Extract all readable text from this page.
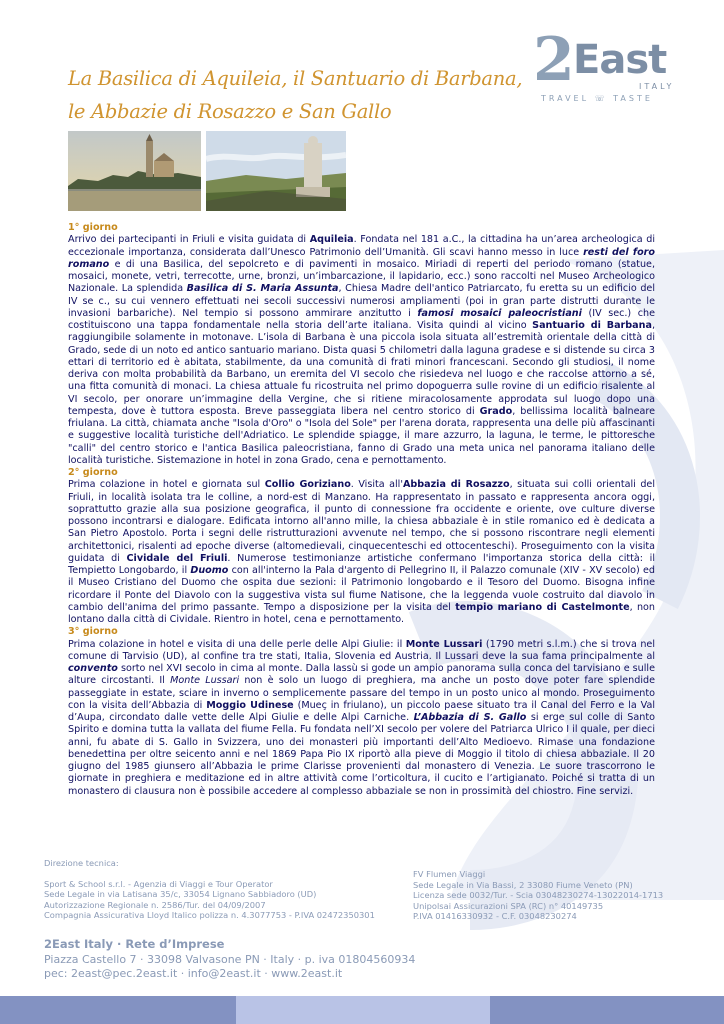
2
East
ITALY
TRAVEL ☏ TASTE
La Basilica di Aquileia, il Santuario di Barbana,
le Abbazie di Rosazzo e San Gallo
1° giorno

Arrivo dei partecipanti in Friuli e visita guidata di Aquileia. Fondata nel 181 a.C., la cittadina ha un’area archeologica di eccezionale importanza, considerata dall’Unesco Patrimonio dell’Umanità. Gli scavi hanno messo in luce resti del foro romano e di una Basilica, del sepolcreto e di pavimenti in mosaico. Miriadi di reperti del periodo romano (statue, mosaici, monete, vetri, terrecotte, urne, bronzi, un’imbarcazione, il lapidario, ecc.) sono raccolti nel Museo Archeologico Nazionale. La splendida Basilica di S. Maria Assunta, Chiesa Madre dell'antico Patriarcato, fu eretta su un edificio del IV se c., su cui vennero effettuati nei secoli successivi numerosi ampliamenti (poi in gran parte distrutti durante le invasioni barbariche). Nel tempio si possono ammirare anzitutto i famosi mosaici paleocristiani (IV sec.) che costituiscono una tappa fondamentale nella storia dell’arte italiana. Visita quindi al vicino Santuario di Barbana, raggiungibile solamente in motonave. L’isola di Barbana è una piccola isola situata all’estremità orientale della città di Grado, sede di un noto ed antico santuario mariano. Dista quasi 5 chilometri dalla laguna gradese e si distende su circa 3 ettari di territorio ed è abitata, stabilmente, da una comunità di frati minori francescani. Secondo gli studiosi, il nome deriva con molta probabilità da Barbano, un eremita del VI secolo che risiedeva nel luogo e che raccolse attorno a sé, una fitta comunità di monaci. La chiesa attuale fu ricostruita nel primo dopoguerra sulle rovine di un edificio risalente al VI secolo, per onorare un’immagine della Vergine, che si ritiene miracolosamente approdata sul luogo dopo una tempesta, dove è tuttora esposta. Breve passeggiata libera nel centro storico di Grado, bellissima località balneare friulana. La città, chiamata anche "Isola d'Oro" o "Isola del Sole" per l'arena dorata, rappresenta una delle più affascinanti e suggestive località turistiche dell'Adriatico. Le splendide spiagge, il mare azzurro, la laguna, le terme, le pittoresche "calli" del centro storico e l'antica Basilica paleocristiana, fanno di Grado una meta unica nel panorama italiano delle località turistiche. Sistemazione in hotel in zona Grado, cena e pernottamento.

2° giorno

Prima colazione in hotel e giornata sul Collio Goriziano. Visita all'Abbazia di Rosazzo, situata sui colli orientali del Friuli, in località isolata tra le colline, a nord-est di Manzano. Ha rappresentato in passato e rappresenta ancora oggi, soprattutto grazie alla sua posizione geografica, il punto di connessione fra occidente e oriente, ove culture diverse possono incontrarsi e dialogare. Edificata intorno all'anno mille, la chiesa abbaziale è in stile romanico ed è dedicata a San Pietro Apostolo. Porta i segni delle ristrutturazioni avvenute nel tempo, che si possono riscontrare negli elementi architettonici, risalenti ad epoche diverse (altomedievali, cinquecenteschi ed ottocenteschi). Proseguimento con la visita guidata di Cividale del Friuli. Numerose testimonianze artistiche confermano l'importanza storica della città: il Tempietto Longobardo, il Duomo con all'interno la Pala d'argento di Pellegrino II, il Palazzo comunale (XIV - XV secolo) ed il Museo Cristiano del Duomo che ospita due sezioni: il Patrimonio longobardo e il Tesoro del Duomo. Bisogna infine ricordare il Ponte del Diavolo con la suggestiva vista sul fiume Natisone, che la leggenda vuole costruito dal diavolo in cambio dell'anima del primo passante. Tempo a disposizione per la visita del tempio mariano di Castelmonte, non lontano dalla città di Cividale. Rientro in hotel, cena e pernottamento.

3° giorno

Prima colazione in hotel e visita di una delle perle delle Alpi Giulie: il Monte Lussari (1790 metri s.l.m.) che si trova nel comune di Tarvisio (UD), al confine tra tre stati, Italia, Slovenia ed Austria. Il Lussari deve la sua fama principalmente al convento sorto nel XVI secolo in cima al monte. Dalla lassù si gode un ampio panorama sulla conca del tarvisiano e sulle alture circostanti. Il Monte Lussari non è solo un luogo di preghiera, ma anche un posto dove poter fare splendide passeggiate in estate, sciare in inverno o semplicemente passare del tempo in un posto unico al mondo. Proseguimento con la visita dell’Abbazia di Moggio Udinese (Mueç in friulano), un piccolo paese situato tra il Canal del Ferro e la Val d’Aupa, circondato dalle vette delle Alpi Giulie e delle Alpi Carniche. L’Abbazia di S. Gallo si erge sul colle di Santo Spirito e domina tutta la vallata del fiume Fella. Fu fondata nell’XI secolo per volere del Patriarca Ulrico I il quale, per dieci anni, fu abate di S. Gallo in Svizzera, uno dei monasteri più importanti dell’Alto Medioevo. Rimase una fondazione benedettina per oltre seicento anni e nel 1869 Papa Pio IX riportò alla pieve di Moggio il titolo di chiesa abbaziale. Il 20 giugno del 1985 giunsero all’Abbazia le prime Clarisse provenienti dal monastero di Venezia. Le suore trascorrono le giornate in preghiera e meditazione ed in altre attività come l’orticoltura, il cucito e l’artigianato. Poiché si tratta di un monastero di clausura non è possibile accedere al complesso abbaziale se non in prossimità del chiostro. Fine servizi.

Direzione tecnica:
Sport & School s.r.l. - Agenzia di Viaggi e Tour Operator
Sede Legale in via Latisana 35/c, 33054 Lignano Sabbiadoro (UD)
Autorizzazione Regionale n. 2586/Tur. del 04/09/2007
Compagnia Assicurativa Lloyd Italico polizza n. 4.3077753 - P.IVA 02472350301
FV Flumen Viaggi
Sede Legale in Via Bassi, 2 33080 Fiume Veneto (PN)
Licenza sede 0032/Tur. - Scia 03048230274-13022014-1713
Unipolsai Assicurazioni SPA (RC) n° 40149735
P.IVA 01416330932 - C.F. 03048230274
2East Italy · Rete d’Imprese
Piazza Castello 7 · 33098 Valvasone PN · Italy · p. iva 01804560934
pec: 2east@pec.2east.it · info@2east.it · www.2east.it
